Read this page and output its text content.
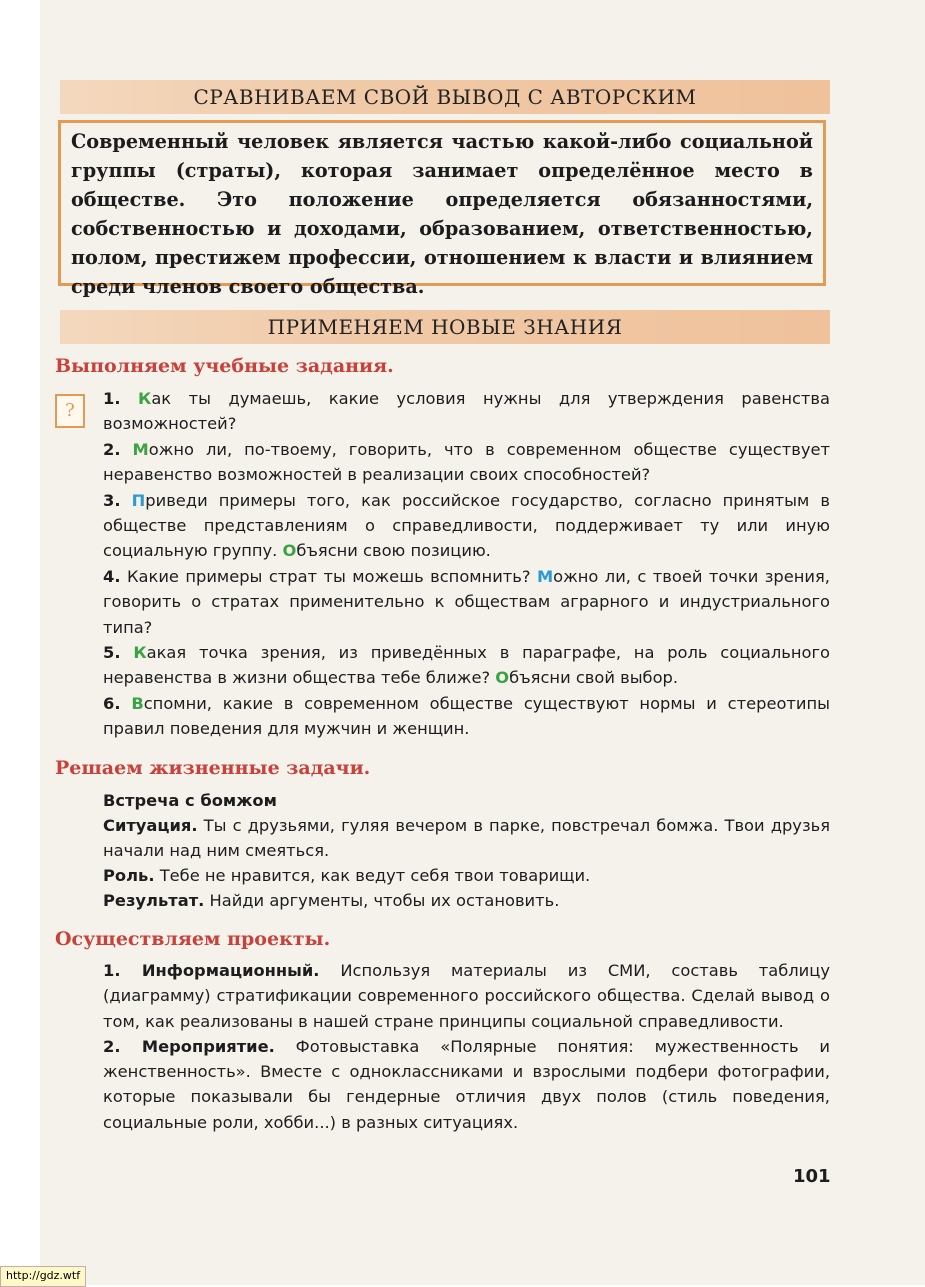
СРАВНИВАЕМ СВОЙ ВЫВОД С АВТОРСКИМ
Современный человек является частью какой-либо социальной группы (страты), которая занимает определённое место в обществе. Это положение определяется обязанностями, собственностью и доходами, образованием, ответственностью, полом, престижем профессии, отношением к власти и влиянием среди членов своего общества.
ПРИМЕНЯЕМ НОВЫЕ ЗНАНИЯ
Выполняем учебные задания.
?

1. Как ты думаешь, какие условия нужны для утверждения равенства возможностей?

2. Можно ли, по-твоему, говорить, что в современном обществе существует неравенство возможностей в реализации своих способностей?

3. Приведи примеры того, как российское государство, согласно принятым в обществе представлениям о справедливости, поддерживает ту или иную социальную группу. Объясни свою позицию.

4. Какие примеры страт ты можешь вспомнить? Можно ли, с твоей точки зрения, говорить о стратах применительно к обществам аграрного и индустриального типа?

5. Какая точка зрения, из приведённых в параграфе, на роль социального неравенства в жизни общества тебе ближе? Объясни свой выбор.

6. Вспомни, какие в современном обществе существуют нормы и стереотипы правил поведения для мужчин и женщин.

Решаем жизненные задачи.

Встреча с бомжом

Ситуация. Ты с друзьями, гуляя вечером в парке, повстречал бомжа. Твои друзья начали над ним смеяться.

Роль. Тебе не нравится, как ведут себя твои товарищи.

Результат. Найди аргументы, чтобы их остановить.

Осуществляем проекты.

1. Информационный. Используя материалы из СМИ, составь таблицу (диаграмму) стратификации современного российского общества. Сделай вывод о том, как реализованы в нашей стране принципы социальной справедливости.

2. Мероприятие. Фотовыставка «Полярные понятия: мужественность и женственность». Вместе с одноклассниками и взрослыми подбери фотографии, которые показывали бы гендерные отличия двух полов (стиль поведения, социальные роли, хобби...) в разных ситуациях.

101
http://gdz.wtf
